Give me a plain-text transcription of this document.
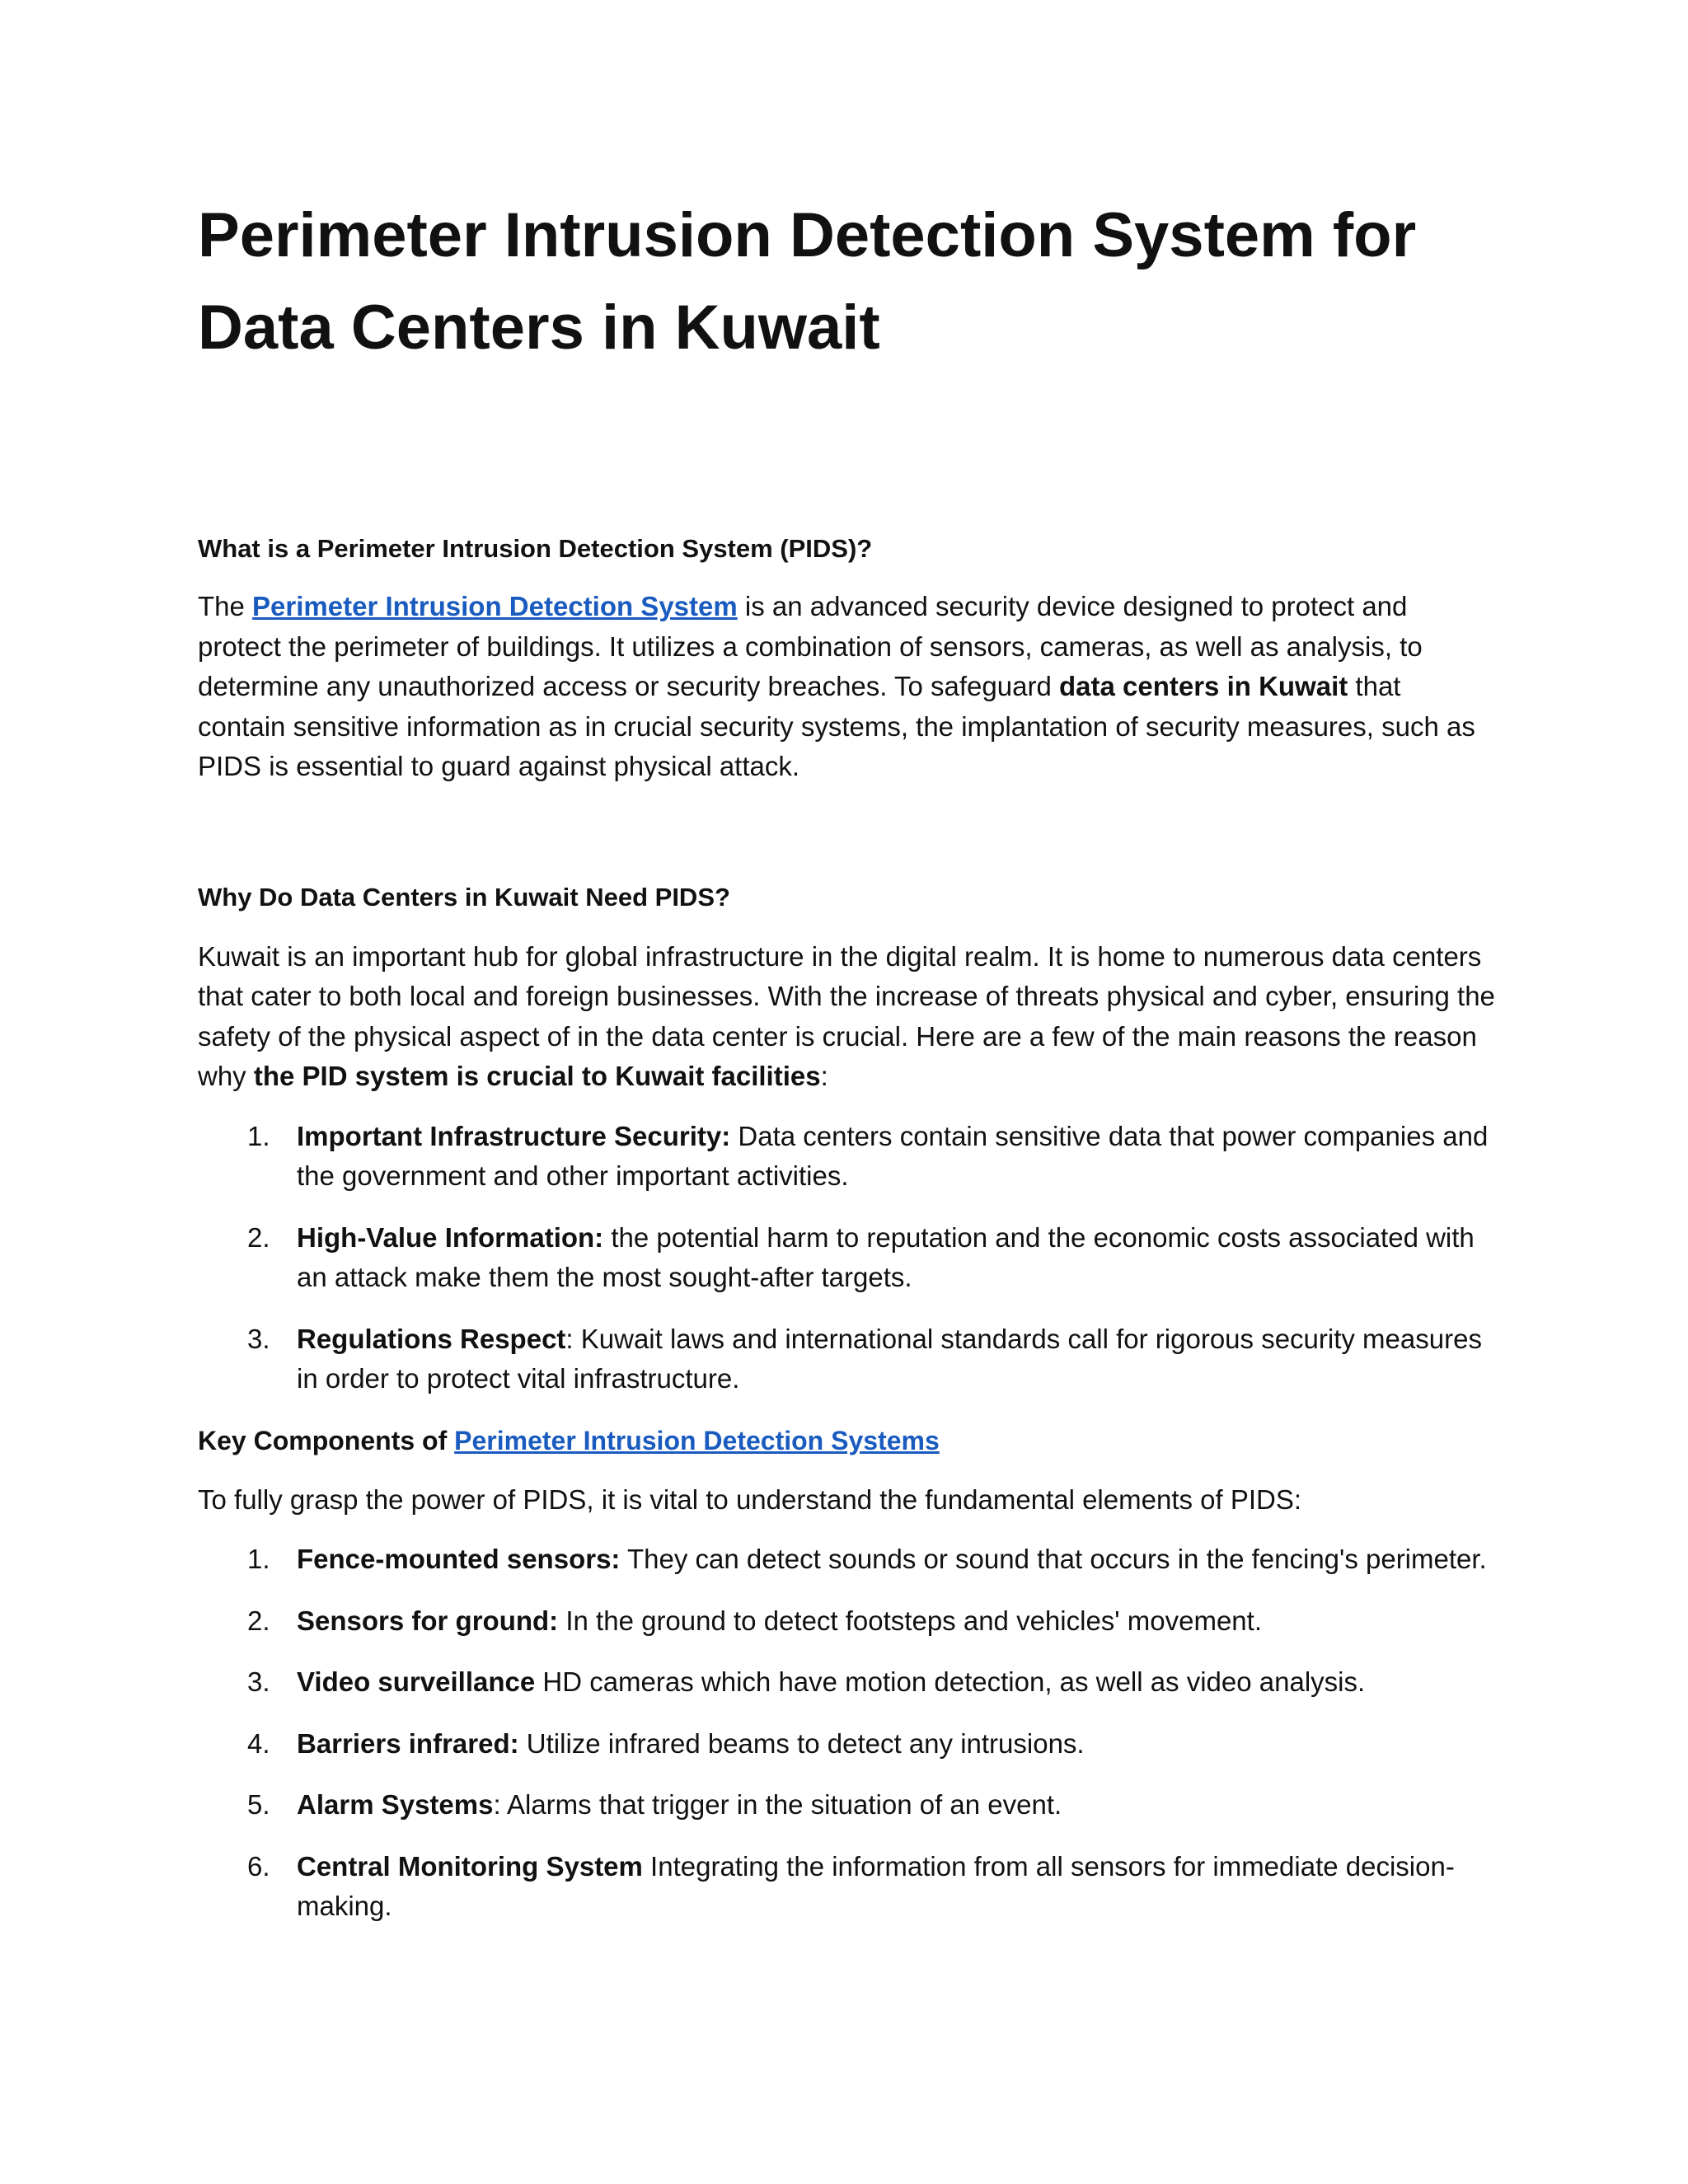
Perimeter Intrusion Detection System for Data Centers in Kuwait
What is a Perimeter Intrusion Detection System (PIDS)?

The Perimeter Intrusion Detection System is an advanced security device designed to protect and protect the perimeter of buildings. It utilizes a combination of sensors, cameras, as well as analysis, to determine any unauthorized access or security breaches. To safeguard data centers in Kuwait that contain sensitive information as in crucial security systems, the implantation of security measures, such as PIDS is essential to guard against physical attack.

Why Do Data Centers in Kuwait Need PIDS?

Kuwait is an important hub for global infrastructure in the digital realm. It is home to numerous data centers that cater to both local and foreign businesses. With the increase of threats physical and cyber, ensuring the safety of the physical aspect of in the data center is crucial. Here are a few of the main reasons the reason why the PID system is crucial to Kuwait facilities:

1. Important Infrastructure Security: Data centers contain sensitive data that power companies and the government and other important activities.
2. High-Value Information: the potential harm to reputation and the economic costs associated with an attack make them the most sought-after targets.
3. Regulations Respect: Kuwait laws and international standards call for rigorous security measures in order to protect vital infrastructure.
Key Components of Perimeter Intrusion Detection Systems

To fully grasp the power of PIDS, it is vital to understand the fundamental elements of PIDS:

1. Fence-mounted sensors: They can detect sounds or sound that occurs in the fencing's perimeter.
2. Sensors for ground: In the ground to detect footsteps and vehicles' movement.
3. Video surveillance HD cameras which have motion detection, as well as video analysis.
4. Barriers infrared: Utilize infrared beams to detect any intrusions.
5. Alarm Systems: Alarms that trigger in the situation of an event.
6. Central Monitoring System Integrating the information from all sensors for immediate decision-making.
